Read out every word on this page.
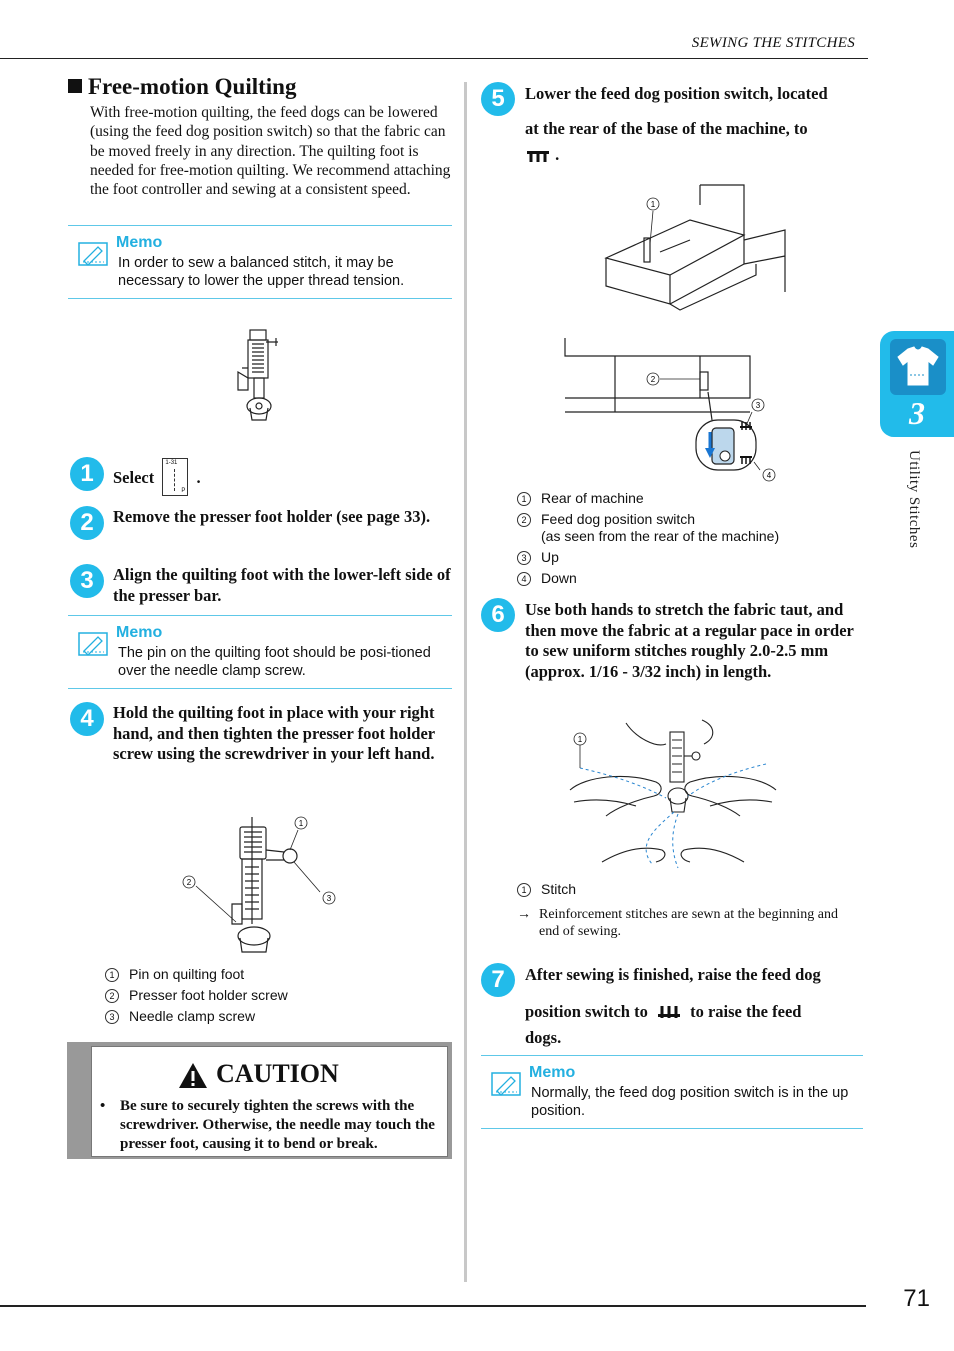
SEWING THE STITCHES
Free-motion Quilting
With free-motion quilting, the feed dogs can be lowered (using the feed dog position switch) so that the fabric can be moved freely in any direction. The quilting foot is needed for free-motion quilting. We recommend attaching the foot controller and sewing at a consistent speed.
Memo
In order to sew a balanced stitch, it may be necessary to lower the upper thread tension.
1	Select
1-31
P
.
2	Remove the presser foot holder (see page 33).
3	Align the quilting foot with the lower-left side of the presser bar.
Memo
The pin on the quilting foot should be posi-tioned over the needle clamp screw.
4	Hold the quilting foot in place with your right hand, and then tighten the presser foot holder screw using the screwdriver in your left hand.
1
2
3
1 Pin on quilting foot
2 Presser foot holder screw
3 Needle clamp screw
CAUTION
• Be sure to securely tighten the screws with the screwdriver. Otherwise, the needle may touch the presser foot, causing it to bend or break.
5	Lower the feed dog position switch, located
at the rear of the base of the machine, to
.
1
2
3
4
1 Rear of machine
2 Feed dog position switch
(as seen from the rear of the machine)
3 Up
4 Down
6	Use both hands to stretch the fabric taut, and then move the fabric at a regular pace in order to sew uniform stitches roughly 2.0-2.5 mm (approx. 1/16 - 3/32 inch) in length.
1
1 Stitch
→ Reinforcement stitches are sewn at the beginning and end of sewing.
7	After sewing is finished, raise the feed dog
position switch to	to raise the feed
dogs.
Memo
Normally, the feed dog position switch is in the up position.
3
Utility Stitches
71
